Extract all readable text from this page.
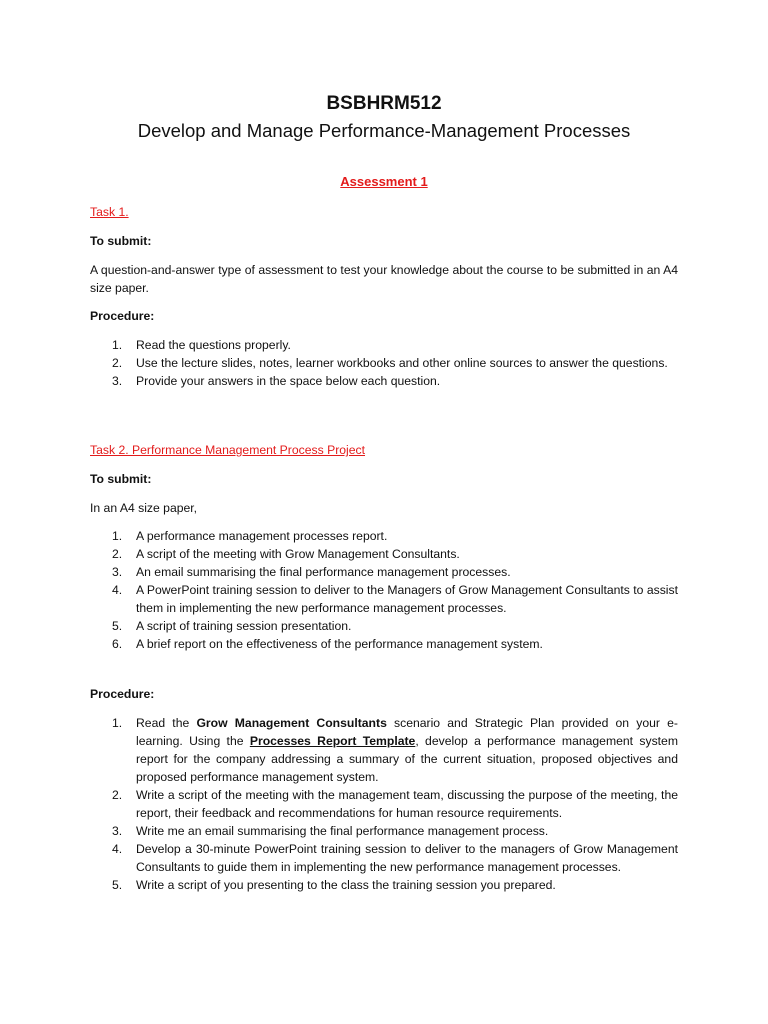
BSBHRM512
Develop and Manage Performance-Management Processes

Assessment 1

Task 1.

To submit:

A question-and-answer type of assessment to test your knowledge about the course to be submitted in an A4 size paper.

Procedure:

1. Read the questions properly.
2. Use the lecture slides, notes, learner workbooks and other online sources to answer the questions.
3. Provide your answers in the space below each question.

Task 2. Performance Management Process Project

To submit:

In an A4 size paper,

1. A performance management processes report.
2. A script of the meeting with Grow Management Consultants.
3. An email summarising the final performance management processes.
4. A PowerPoint training session to deliver to the Managers of Grow Management Consultants to assist them in implementing the new performance management processes.
5. A script of training session presentation.
6. A brief report on the effectiveness of the performance management system.

Procedure:

1. Read the Grow Management Consultants scenario and Strategic Plan provided on your e-learning. Using the Processes Report Template, develop a performance management system report for the company addressing a summary of the current situation, proposed objectives and proposed performance management system.
2. Write a script of the meeting with the management team, discussing the purpose of the meeting, the report, their feedback and recommendations for human resource requirements.
3. Write me an email summarising the final performance management process.
4. Develop a 30-minute PowerPoint training session to deliver to the managers of Grow Management Consultants to guide them in implementing the new performance management processes.
5. Write a script of you presenting to the class the training session you prepared.
